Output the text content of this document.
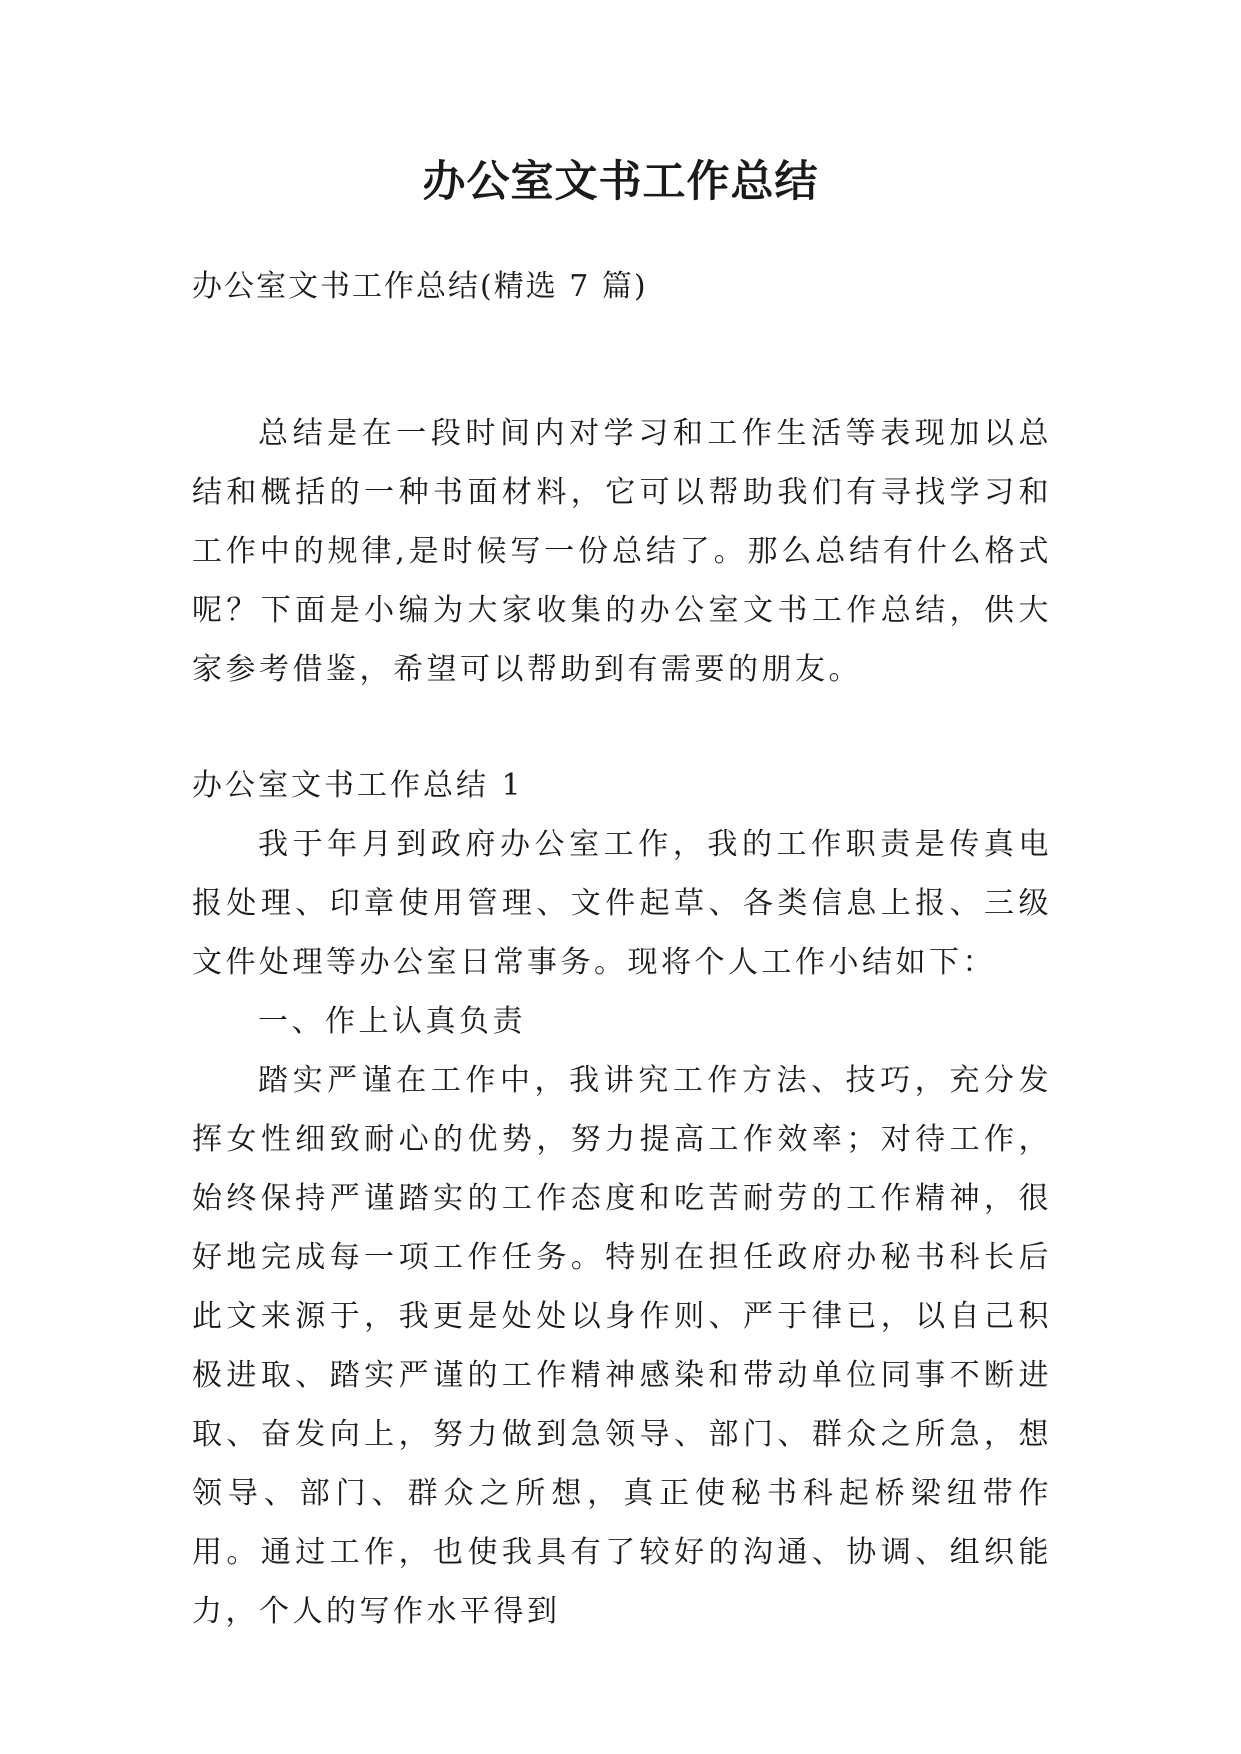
办公室文书工作总结

办公室文书工作总结(精选 7 篇)

总结是在一段时间内对学习和工作生活等表现加以总结和概括的一种书面材料，它可以帮助我们有寻找学习和工作中的规律,是时候写一份总结了。那么总结有什么格式呢？下面是小编为大家收集的办公室文书工作总结，供大家参考借鉴，希望可以帮助到有需要的朋友。

办公室文书工作总结 1

我于年月到政府办公室工作，我的工作职责是传真电报处理、印章使用管理、文件起草、各类信息上报、三级文件处理等办公室日常事务。现将个人工作小结如下：

一、作上认真负责

踏实严谨在工作中，我讲究工作方法、技巧，充分发挥女性细致耐心的优势，努力提高工作效率；对待工作，始终保持严谨踏实的工作态度和吃苦耐劳的工作精神，很好地完成每一项工作任务。特别在担任政府办秘书科长后此文来源于，我更是处处以身作则、严于律已，以自己积极进取、踏实严谨的工作精神感染和带动单位同事不断进取、奋发向上，努力做到急领导、部门、群众之所急，想领导、部门、群众之所想，真正使秘书科起桥梁纽带作用。通过工作，也使我具有了较好的沟通、协调、组织能力，个人的写作水平得到
